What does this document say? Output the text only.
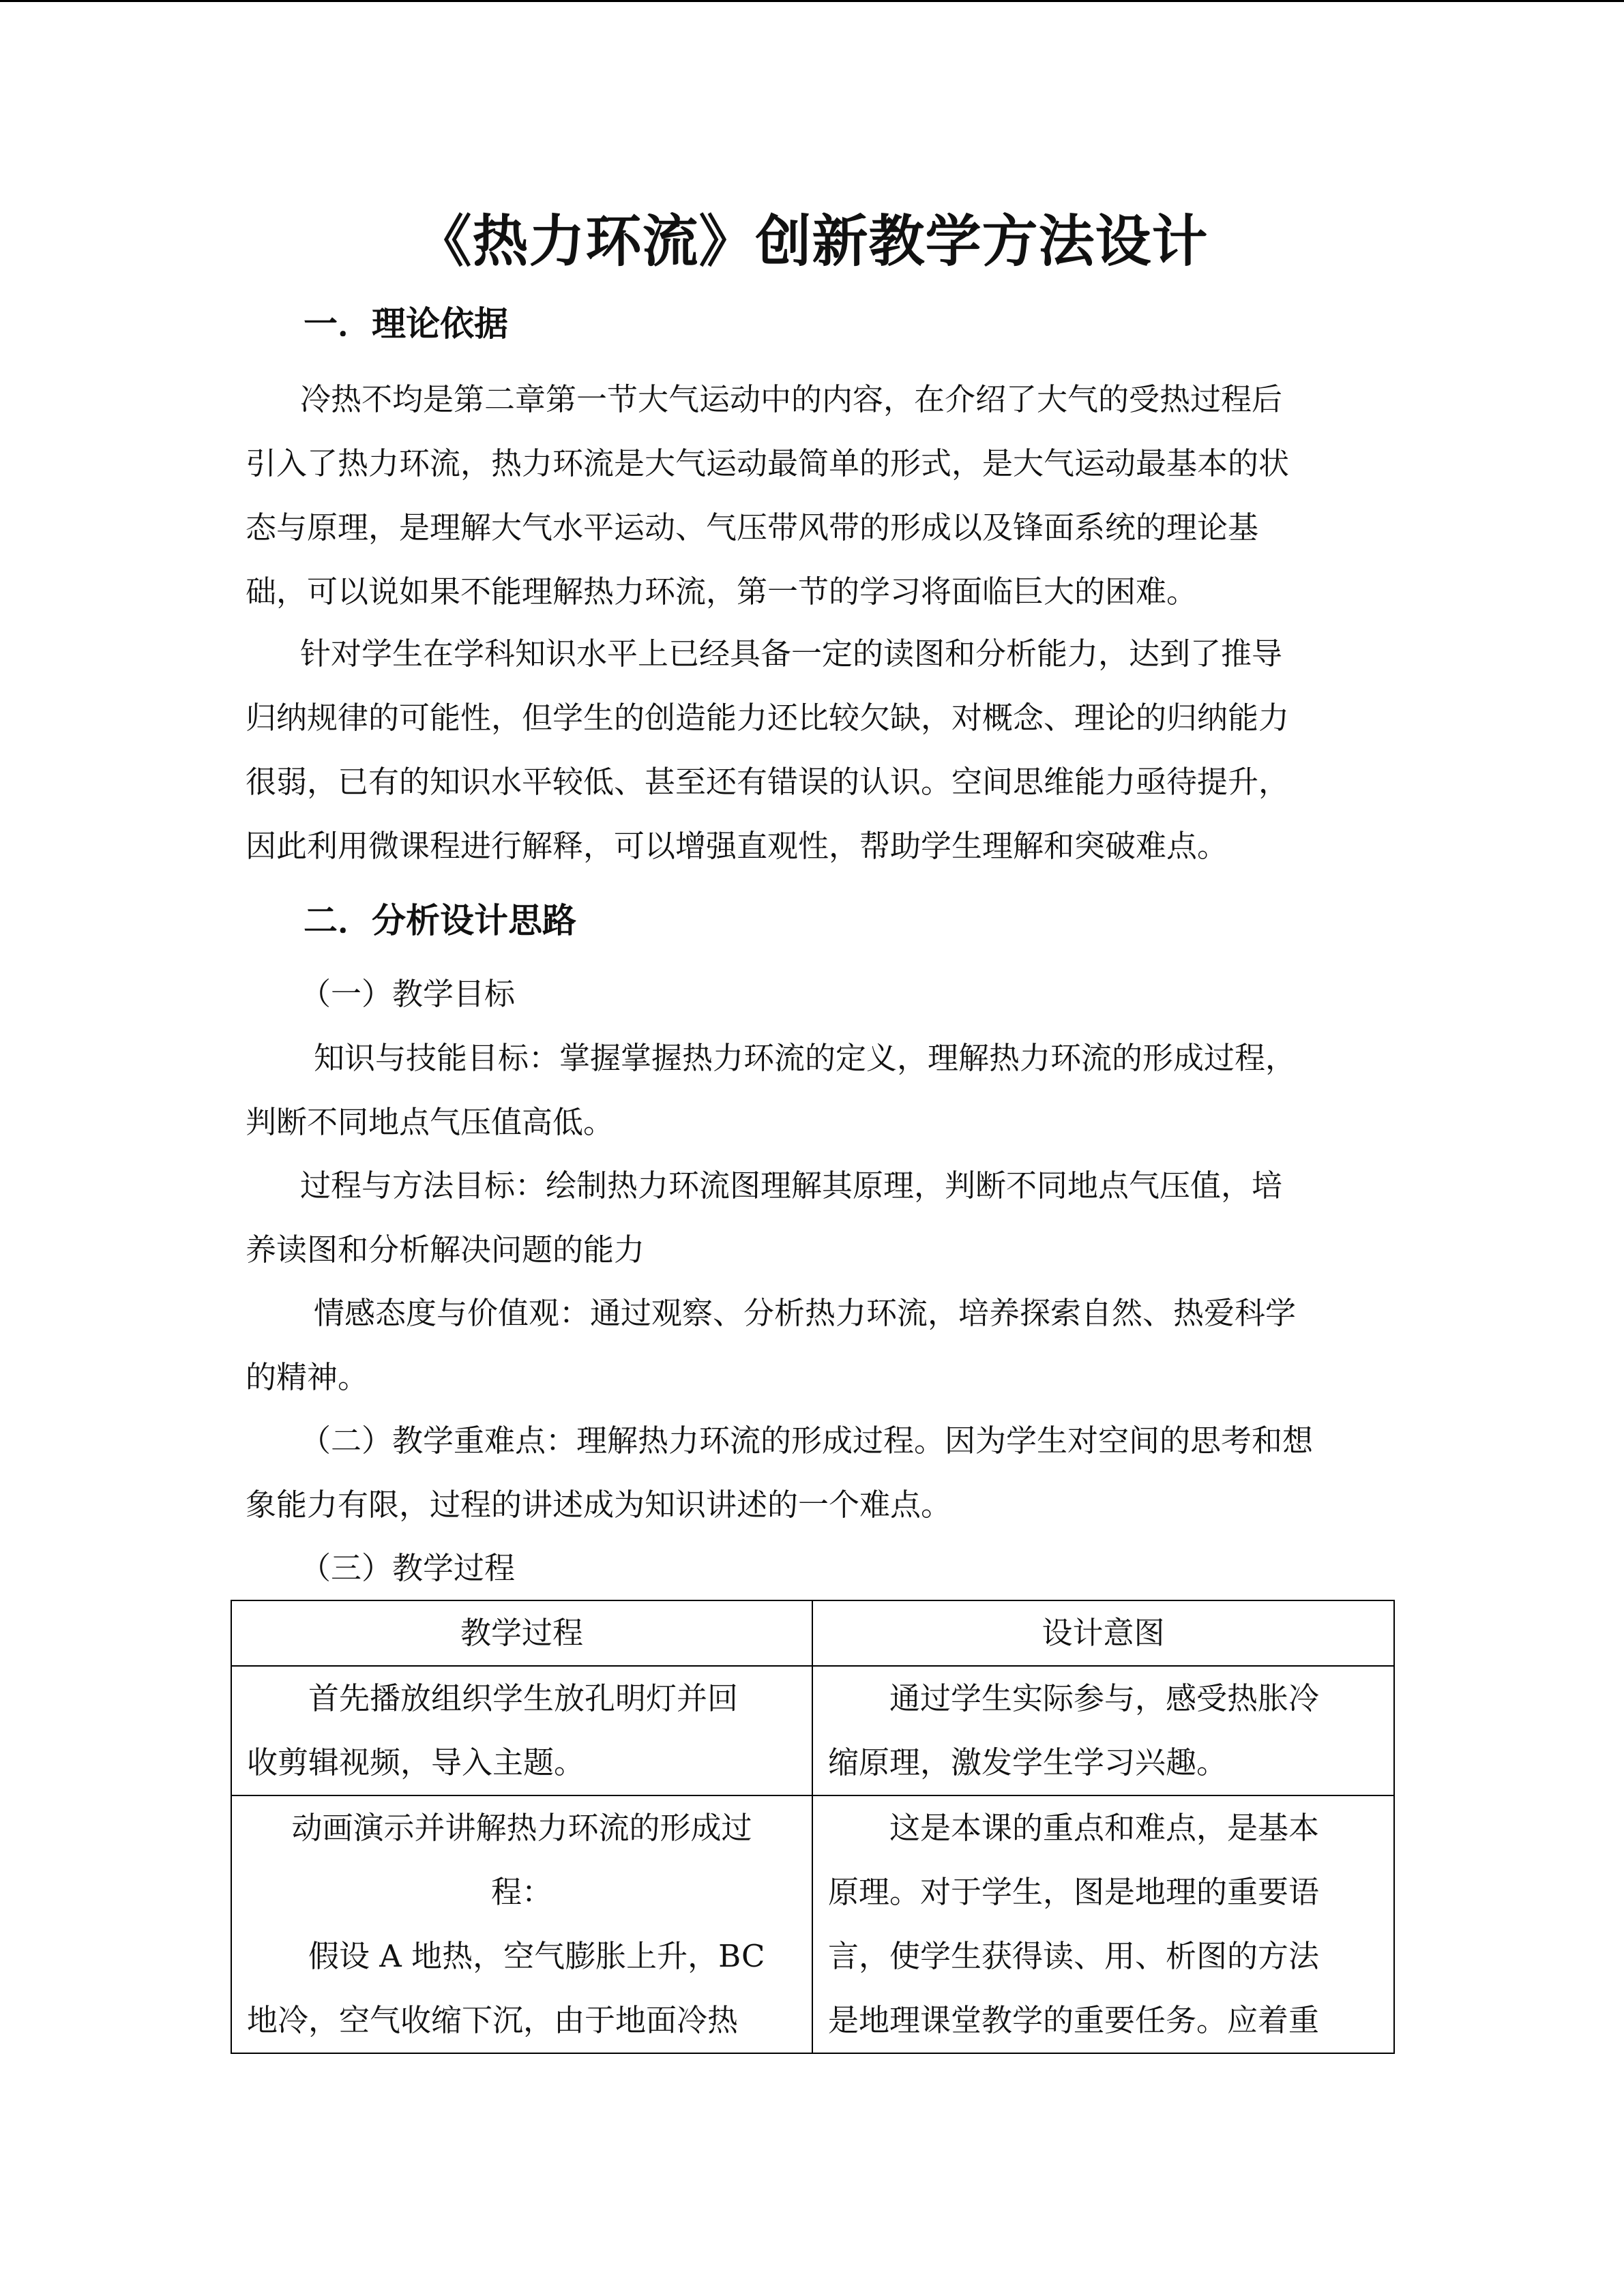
《热力环流》创新教学方法设计
一．理论依据
冷热不均是第二章第一节大气运动中的内容，在介绍了大气的受热过程后
引入了热力环流，热力环流是大气运动最简单的形式，是大气运动最基本的状
态与原理，是理解大气水平运动、气压带风带的形成以及锋面系统的理论基
础，可以说如果不能理解热力环流，第一节的学习将面临巨大的困难。
针对学生在学科知识水平上已经具备一定的读图和分析能力，达到了推导
归纳规律的可能性，但学生的创造能力还比较欠缺，对概念、理论的归纳能力
很弱，已有的知识水平较低、甚至还有错误的认识。空间思维能力亟待提升，
因此利用微课程进行解释，可以增强直观性，帮助学生理解和突破难点。
二．分析设计思路
（一）教学目标
知识与技能目标：掌握掌握热力环流的定义，理解热力环流的形成过程，
判断不同地点气压值高低。
过程与方法目标：绘制热力环流图理解其原理，判断不同地点气压值，培
养读图和分析解决问题的能力
情感态度与价值观：通过观察、分析热力环流，培养探索自然、热爱科学
的精神。
（二）教学重难点：理解热力环流的形成过程。因为学生对空间的思考和想
象能力有限，过程的讲述成为知识讲述的一个难点。
（三）教学过程
教学过程	设计意图

首先播放组织学生放孔明灯并回
收剪辑视频，导入主题。	通过学生实际参与，感受热胀冷
缩原理，激发学生学习兴趣。

动画演示并讲解热力环流的形成过
程：
假设 A 地热，空气膨胀上升，BC
地冷，空气收缩下沉，由于地面冷热	这是本课的重点和难点，是基本
原理。对于学生，图是地理的重要语
言，使学生获得读、用、析图的方法
是地理课堂教学的重要任务。应着重
